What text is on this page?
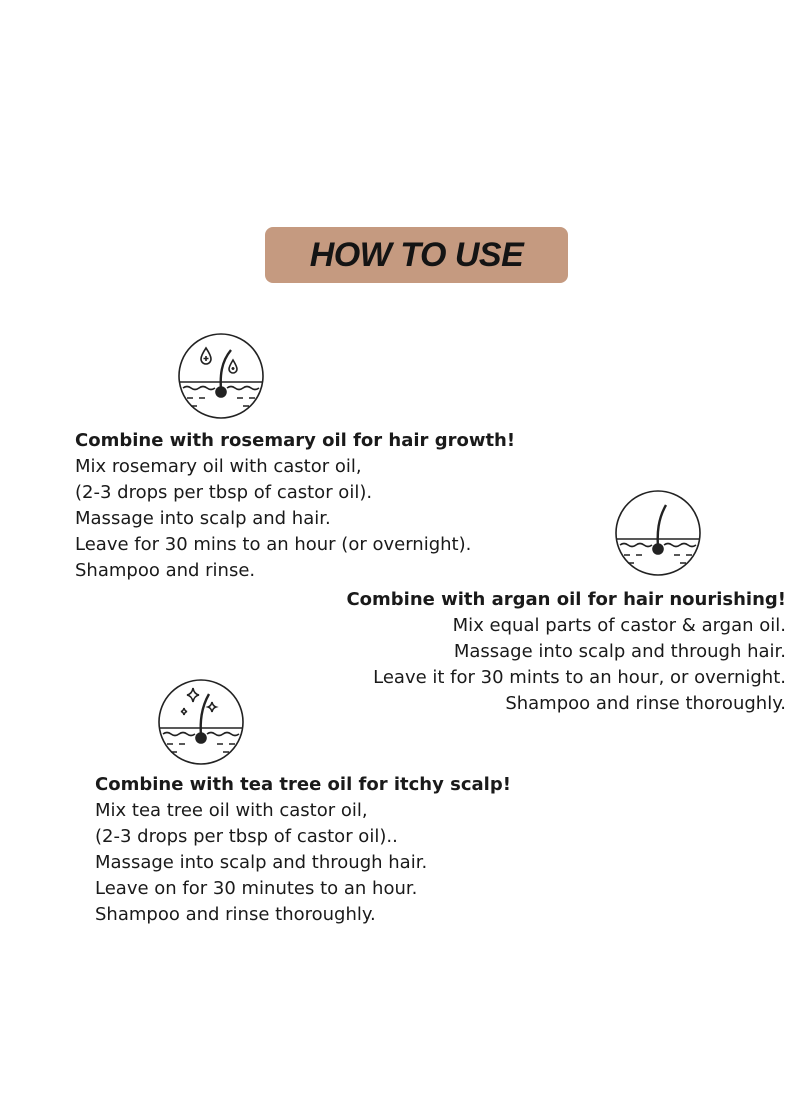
HOW TO USE
Combine with rosemary oil for hair growth!
Mix rosemary oil with castor oil,
(2-3 drops per tbsp of castor oil).
Massage into scalp and hair.
Leave for 30 mins to an hour (or overnight).
Shampoo and rinse.
Combine with argan oil for hair nourishing!
Mix equal parts of castor & argan oil.
Massage into scalp and through hair.
Leave it for 30 mints to an hour, or overnight.
Shampoo and rinse thoroughly.
Combine with tea tree oil for itchy scalp!
Mix tea tree oil with castor oil,
(2-3 drops per tbsp of castor oil)..
Massage into scalp and through hair.
Leave on for 30 minutes to an hour.
Shampoo and rinse thoroughly.
